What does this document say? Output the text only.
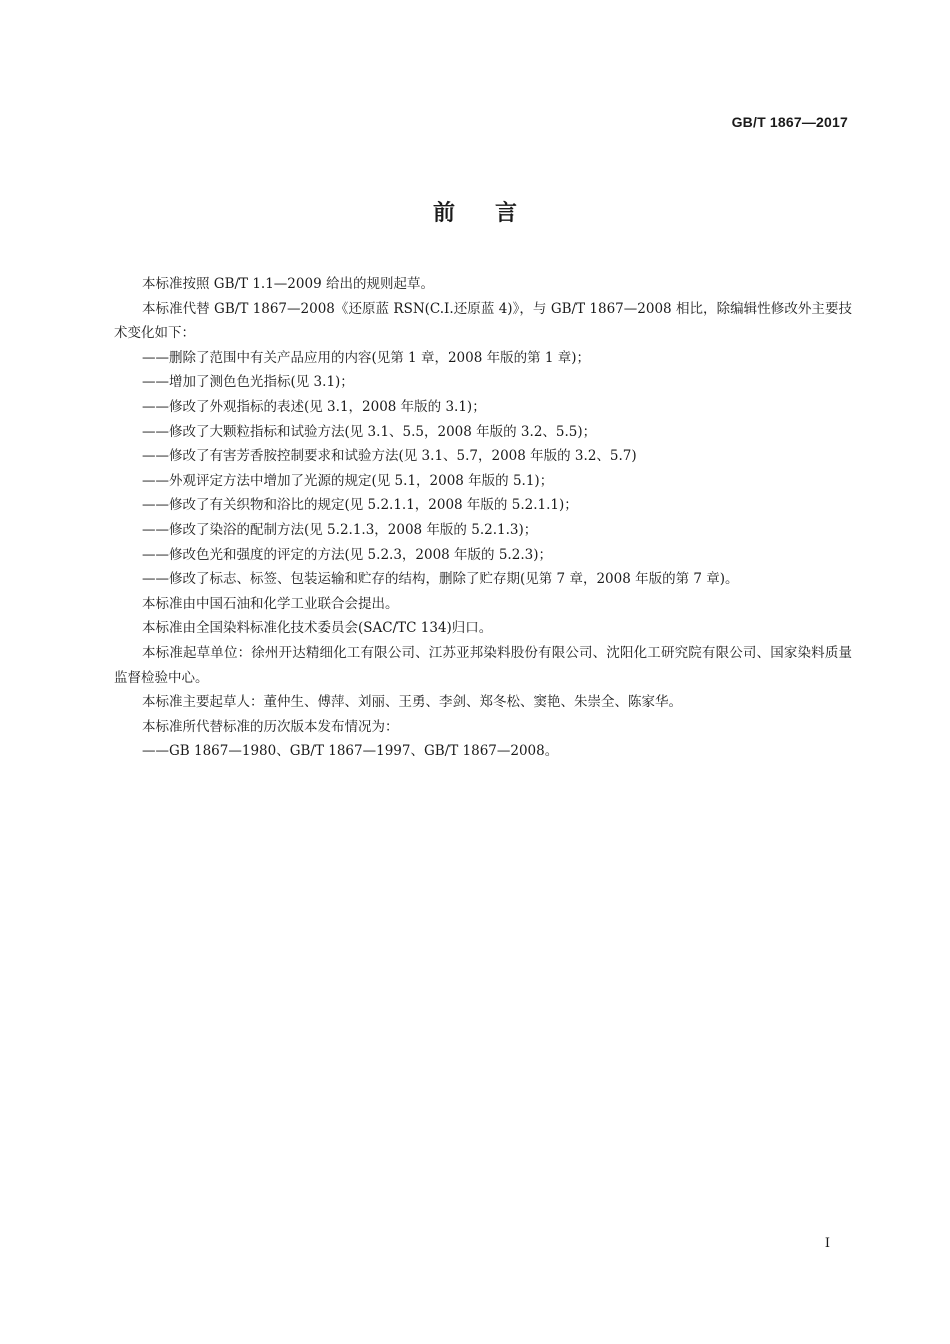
GB/T 1867—2017
前言

本标准按照 GB/T 1.1—2009 给出的规则起草。

本标准代替 GB/T 1867—2008《还原蓝 RSN(C.I.还原蓝 4)》，与 GB/T 1867—2008 相比，除编辑性修改外主要技术变化如下：

——删除了范围中有关产品应用的内容(见第 1 章，2008 年版的第 1 章)；

——增加了测色色光指标(见 3.1)；

——修改了外观指标的表述(见 3.1，2008 年版的 3.1)；

——修改了大颗粒指标和试验方法(见 3.1、5.5，2008 年版的 3.2、5.5)；

——修改了有害芳香胺控制要求和试验方法(见 3.1、5.7，2008 年版的 3.2、5.7)

——外观评定方法中增加了光源的规定(见 5.1，2008 年版的 5.1)；

——修改了有关织物和浴比的规定(见 5.2.1.1，2008 年版的 5.2.1.1)；

——修改了染浴的配制方法(见 5.2.1.3，2008 年版的 5.2.1.3)；

——修改色光和强度的评定的方法(见 5.2.3，2008 年版的 5.2.3)；

——修改了标志、标签、包装运输和贮存的结构，删除了贮存期(见第 7 章，2008 年版的第 7 章)。

本标准由中国石油和化学工业联合会提出。

本标准由全国染料标准化技术委员会(SAC/TC 134)归口。

本标准起草单位：徐州开达精细化工有限公司、江苏亚邦染料股份有限公司、沈阳化工研究院有限公司、国家染料质量监督检验中心。

本标准主要起草人：董仲生、傅萍、刘丽、王勇、李剑、郑冬松、窦艳、朱崇全、陈家华。

本标准所代替标准的历次版本发布情况为：

——GB 1867—1980、GB/T 1867—1997、GB/T 1867—2008。

I
